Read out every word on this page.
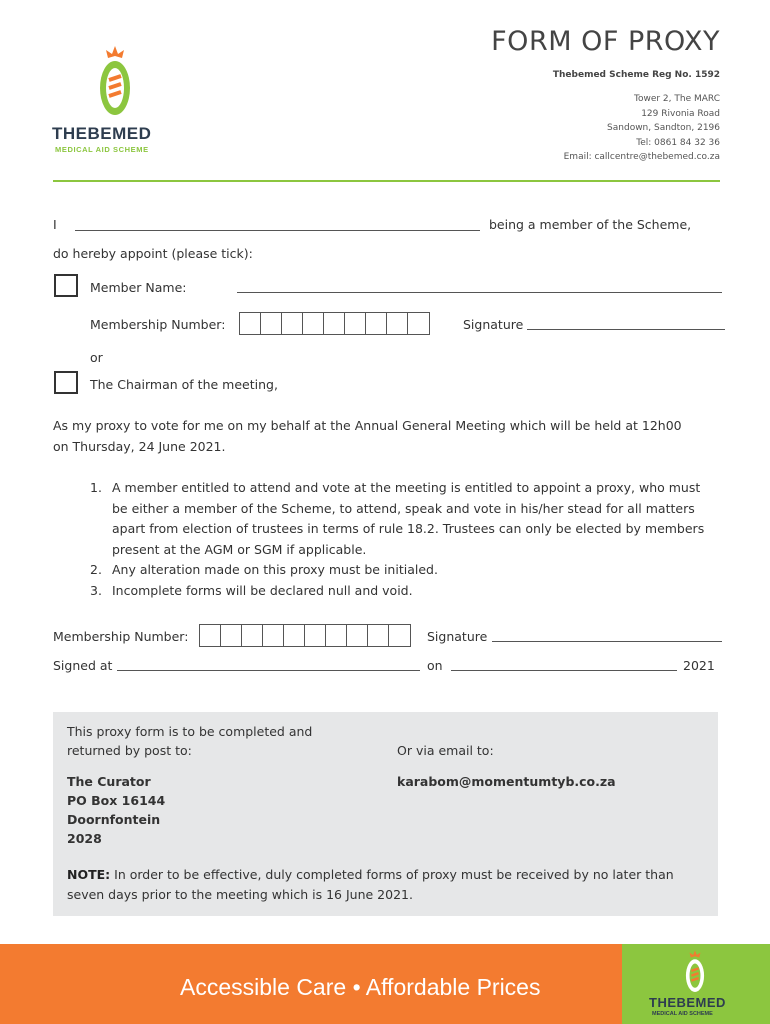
THEBEMED
MEDICAL AID SCHEME
FORM OF PROXY
Thebemed Scheme Reg No. 1592
Tower 2, The MARC
129 Rivonia Road
Sandown, Sandton, 2196
Tel: 0861 84 32 36
Email: callcentre@thebemed.co.za
I	being a member of the Scheme,
do hereby appoint (please tick):
Member Name:
Membership Number:	Signature
or
The Chairman of the meeting,
As my proxy to vote for me on my behalf at the Annual General Meeting which will be held at 12h00
on Thursday, 24 June 2021.
1. A member entitled to attend and vote at the meeting is entitled to appoint a proxy, who must
be either a member of the Scheme, to attend, speak and vote in his/her stead for all matters
apart from election of trustees in terms of rule 18.2. Trustees can only be elected by members
present at the AGM or SGM if applicable.
2. Any alteration made on this proxy must be initialed.
3. Incomplete forms will be declared null and void.
Membership Number:	Signature
Signed at	on	2021
This proxy form is to be completed and
returned by post to:	Or via email to:
The Curator
PO Box 16144
Doornfontein
2028
karabom@momentumtyb.co.za
NOTE: In order to be effective, duly completed forms of proxy must be received by no later than
seven days prior to the meeting which is 16 June 2021.
Accessible Care • Affordable Prices
THEBEMED
MEDICAL AID SCHEME
